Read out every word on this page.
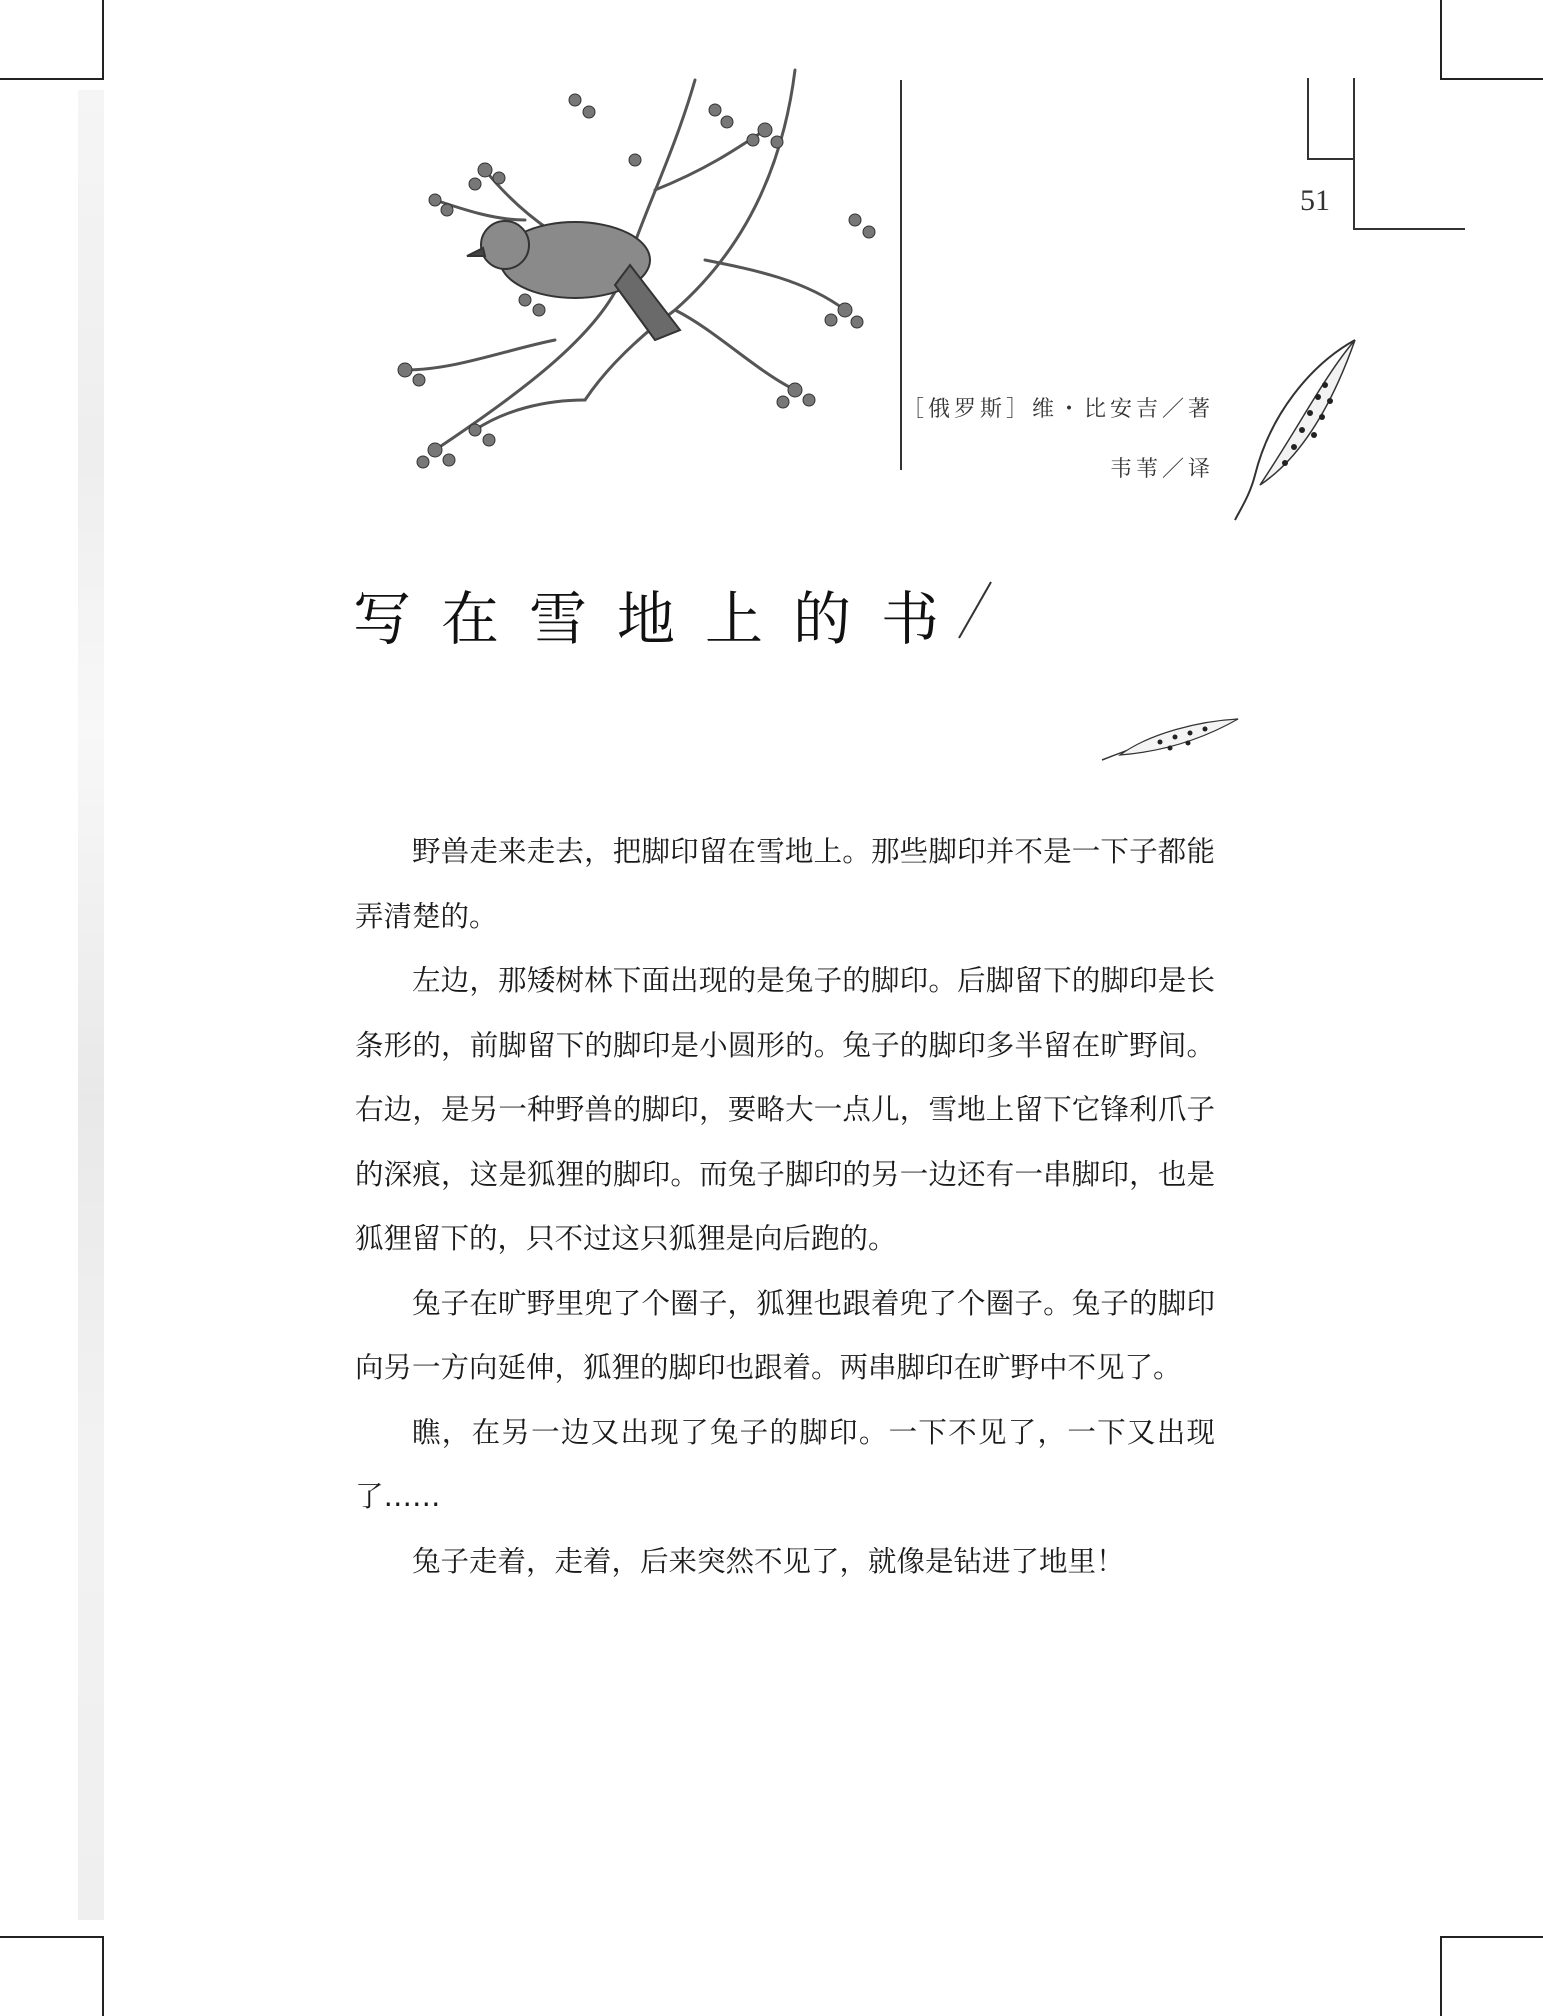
51
［俄罗斯］维・比安吉／著
韦苇／译
写在雪地上的书

野兽走来走去，把脚印留在雪地上。那些脚印并不是一下子都能弄清楚的。

左边，那矮树林下面出现的是兔子的脚印。后脚留下的脚印是长条形的，前脚留下的脚印是小圆形的。兔子的脚印多半留在旷野间。右边，是另一种野兽的脚印，要略大一点儿，雪地上留下它锋利爪子的深痕，这是狐狸的脚印。而兔子脚印的另一边还有一串脚印，也是狐狸留下的，只不过这只狐狸是向后跑的。

兔子在旷野里兜了个圈子，狐狸也跟着兜了个圈子。兔子的脚印向另一方向延伸，狐狸的脚印也跟着。两串脚印在旷野中不见了。

瞧，在另一边又出现了兔子的脚印。一下不见了，一下又出现了……

兔子走着，走着，后来突然不见了，就像是钻进了地里！
